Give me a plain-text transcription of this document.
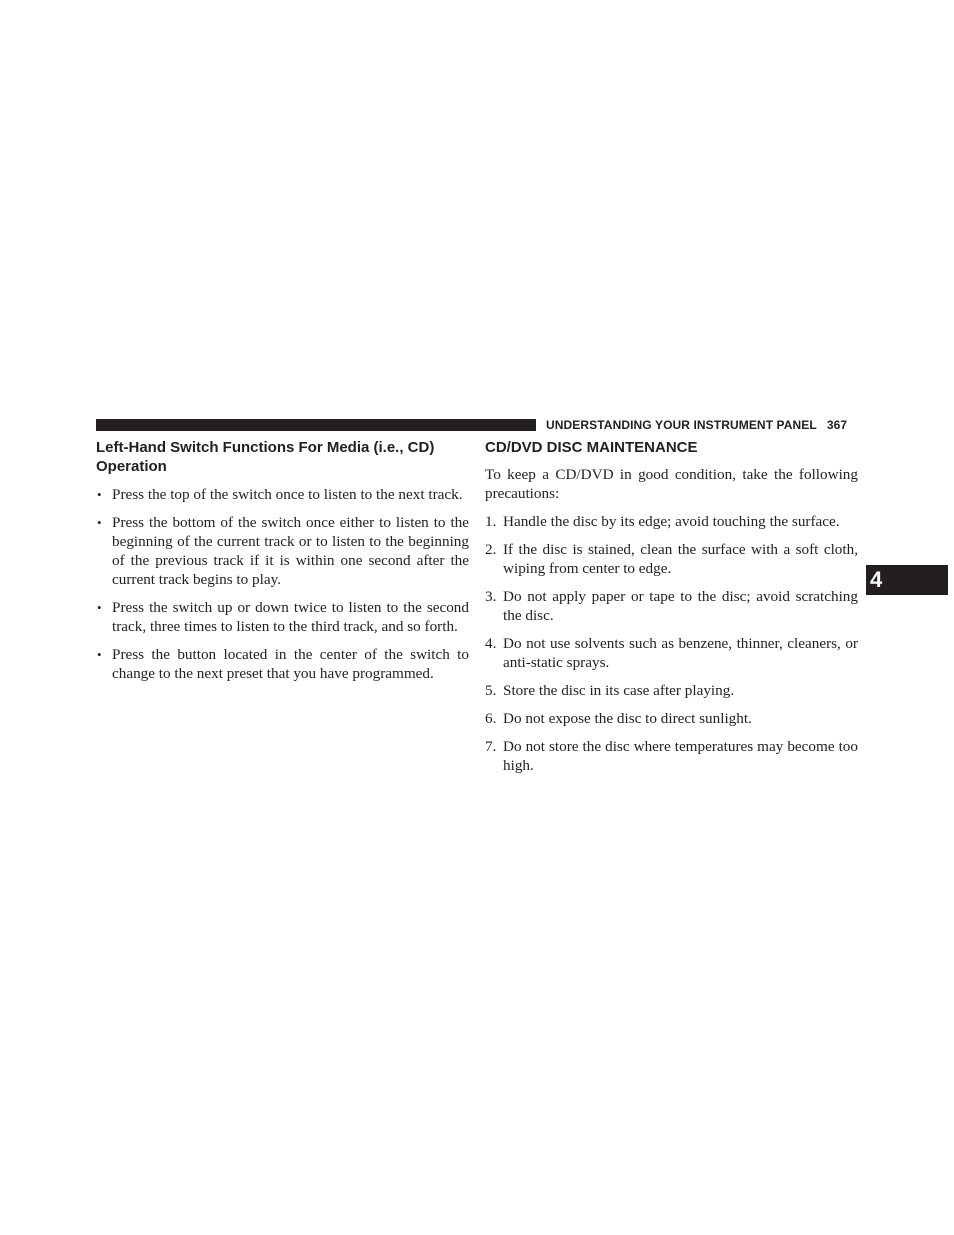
UNDERSTANDING YOUR INSTRUMENT PANEL 367
4
Left-Hand Switch Functions For Media (i.e., CD) Operation
• Press the top of the switch once to listen to the next track.
• Press the bottom of the switch once either to listen to the beginning of the current track or to listen to the beginning of the previous track if it is within one second after the current track begins to play.
• Press the switch up or down twice to listen to the second track, three times to listen to the third track, and so forth.
• Press the button located in the center of the switch to change to the next preset that you have programmed.
CD/DVD DISC MAINTENANCE

To keep a CD/DVD in good condition, take the following precautions:

1. Handle the disc by its edge; avoid touching the surface.
2. If the disc is stained, clean the surface with a soft cloth, wiping from center to edge.
3. Do not apply paper or tape to the disc; avoid scratching the disc.
4. Do not use solvents such as benzene, thinner, cleaners, or anti-static sprays.
5. Store the disc in its case after playing.
6. Do not expose the disc to direct sunlight.
7. Do not store the disc where temperatures may become too high.
